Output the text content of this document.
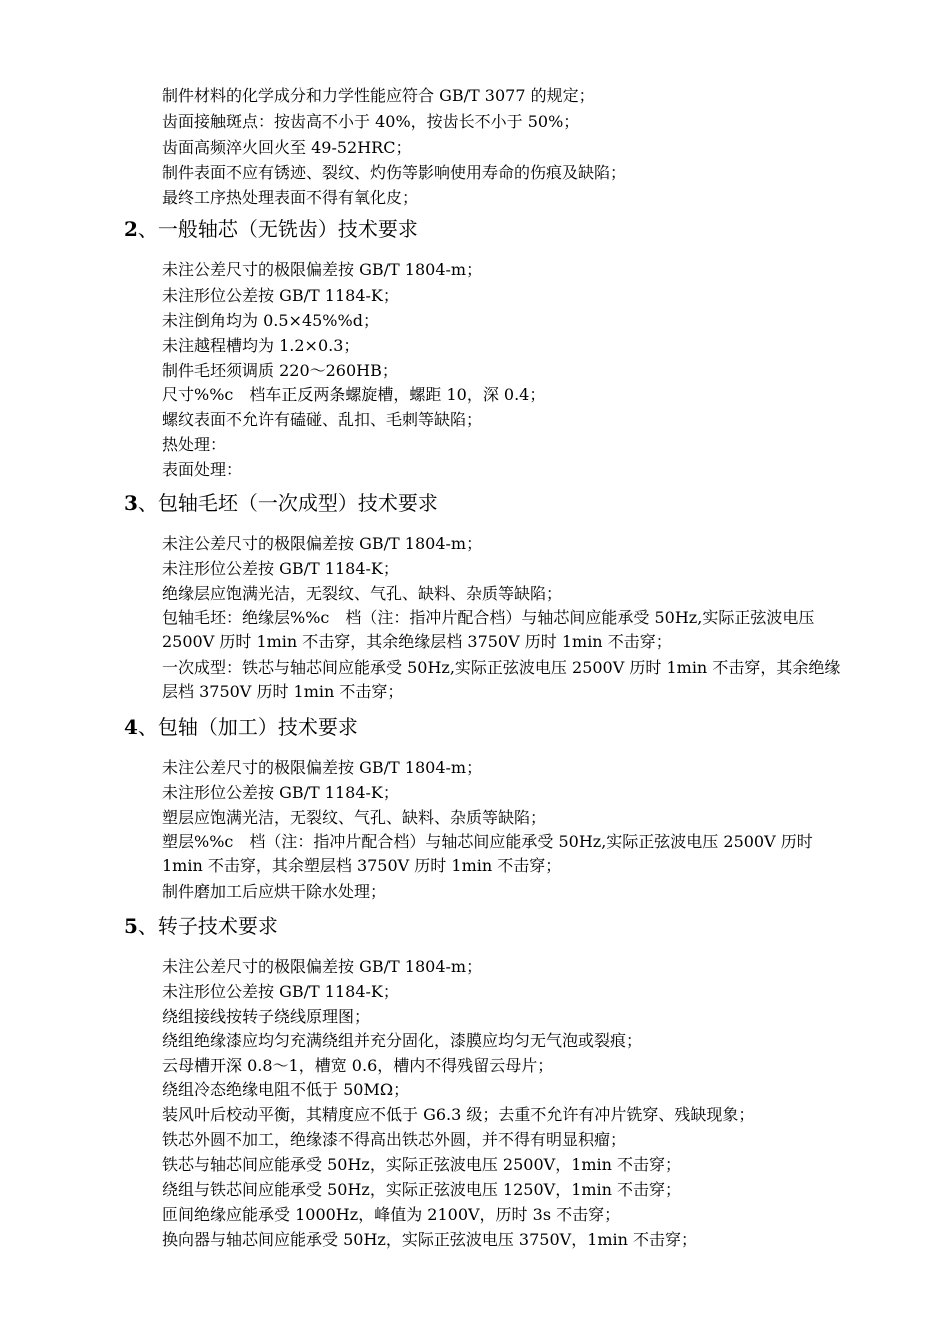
制件材料的化学成分和力学性能应符合 GB/T 3077 的规定；
齿面接触斑点：按齿高不小于 40%，按齿长不小于 50%；
齿面高频淬火回火至 49-52HRC；
制件表面不应有锈迹、裂纹、灼伤等影响使用寿命的伤痕及缺陷；
最终工序热处理表面不得有氧化皮；
2、一般轴芯（无铣齿）技术要求
未注公差尺寸的极限偏差按 GB/T 1804-m；
未注形位公差按 GB/T 1184-K；
未注倒角均为 0.5×45%%d；
未注越程槽均为 1.2×0.3；
制件毛坯须调质 220～260HB；
尺寸%%c　档车正反两条螺旋槽，螺距 10，深 0.4；
螺纹表面不允许有磕碰、乱扣、毛刺等缺陷；
热处理：
表面处理：
3、包轴毛坯（一次成型）技术要求
未注公差尺寸的极限偏差按 GB/T 1804-m；
未注形位公差按 GB/T 1184-K；
绝缘层应饱满光洁，无裂纹、气孔、缺料、杂质等缺陷；
包轴毛坯：绝缘层%%c　档（注：指冲片配合档）与轴芯间应能承受 50Hz,实际正弦波电压 2500V 历时 1min 不击穿，其余绝缘层档 3750V 历时 1min 不击穿；
一次成型：铁芯与轴芯间应能承受 50Hz,实际正弦波电压 2500V 历时 1min 不击穿，其余绝缘层档 3750V 历时 1min 不击穿；
4、包轴（加工）技术要求
未注公差尺寸的极限偏差按 GB/T 1804-m；
未注形位公差按 GB/T 1184-K；
塑层应饱满光洁，无裂纹、气孔、缺料、杂质等缺陷；
塑层%%c　档（注：指冲片配合档）与轴芯间应能承受 50Hz,实际正弦波电压 2500V 历时 1min 不击穿，其余塑层档 3750V 历时 1min 不击穿；
制件磨加工后应烘干除水处理；
5、转子技术要求
未注公差尺寸的极限偏差按 GB/T 1804-m；
未注形位公差按 GB/T 1184-K；
绕组接线按转子绕线原理图；
绕组绝缘漆应均匀充满绕组并充分固化，漆膜应均匀无气泡或裂痕；
云母槽开深 0.8～1，槽宽 0.6，槽内不得残留云母片；
绕组冷态绝缘电阻不低于 50MΩ；
装风叶后校动平衡，其精度应不低于 G6.3 级；去重不允许有冲片铣穿、残缺现象；
铁芯外圆不加工，绝缘漆不得高出铁芯外圆，并不得有明显积瘤；
铁芯与轴芯间应能承受 50Hz，实际正弦波电压 2500V，1min 不击穿；
绕组与铁芯间应能承受 50Hz，实际正弦波电压 1250V，1min 不击穿；
匝间绝缘应能承受 1000Hz，峰值为 2100V，历时 3s 不击穿；
换向器与轴芯间应能承受 50Hz，实际正弦波电压 3750V，1min 不击穿；
